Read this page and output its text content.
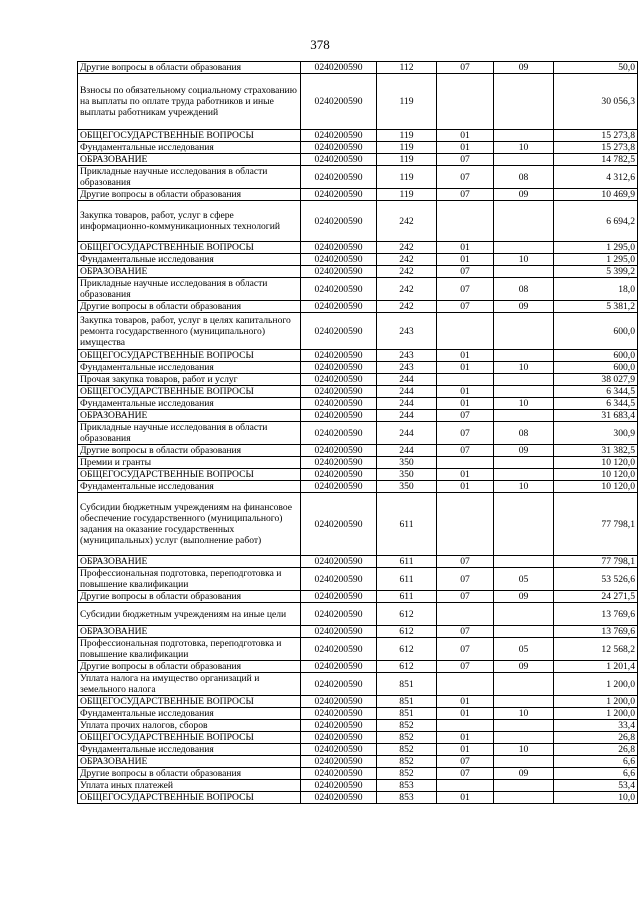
378
Другие вопросы в области образования	0240200590	112	07	09	50,0
Взносы по обязательному социальному страхованию на выплаты по оплате труда работников и иные выплаты работникам учреждений	0240200590	119			30 056,3
ОБЩЕГОСУДАРСТВЕННЫЕ ВОПРОСЫ	0240200590	119	01		15 273,8
Фундаментальные исследования	0240200590	119	01	10	15 273,8
ОБРАЗОВАНИЕ	0240200590	119	07		14 782,5
Прикладные научные исследования в области образования	0240200590	119	07	08	4 312,6
Другие вопросы в области образования	0240200590	119	07	09	10 469,9
Закупка товаров, работ, услуг в сфере информационно-коммуникационных технологий	0240200590	242			6 694,2
ОБЩЕГОСУДАРСТВЕННЫЕ ВОПРОСЫ	0240200590	242	01		1 295,0
Фундаментальные исследования	0240200590	242	01	10	1 295,0
ОБРАЗОВАНИЕ	0240200590	242	07		5 399,2
Прикладные научные исследования в области образования	0240200590	242	07	08	18,0
Другие вопросы в области образования	0240200590	242	07	09	5 381,2
Закупка товаров, работ, услуг в целях капитального ремонта государственного (муниципального) имущества	0240200590	243			600,0
ОБЩЕГОСУДАРСТВЕННЫЕ ВОПРОСЫ	0240200590	243	01		600,0
Фундаментальные исследования	0240200590	243	01	10	600,0
Прочая закупка товаров, работ и услуг	0240200590	244			38 027,9
ОБЩЕГОСУДАРСТВЕННЫЕ ВОПРОСЫ	0240200590	244	01		6 344,5
Фундаментальные исследования	0240200590	244	01	10	6 344,5
ОБРАЗОВАНИЕ	0240200590	244	07		31 683,4
Прикладные научные исследования в области образования	0240200590	244	07	08	300,9
Другие вопросы в области образования	0240200590	244	07	09	31 382,5
Премии и гранты	0240200590	350			10 120,0
ОБЩЕГОСУДАРСТВЕННЫЕ ВОПРОСЫ	0240200590	350	01		10 120,0
Фундаментальные исследования	0240200590	350	01	10	10 120,0
Субсидии бюджетным учреждениям на финансовое обеспечение государственного (муниципального) задания на оказание государственных (муниципальных) услуг (выполнение работ)	0240200590	611			77 798,1
ОБРАЗОВАНИЕ	0240200590	611	07		77 798,1
Профессиональная подготовка, переподготовка и повышение квалификации	0240200590	611	07	05	53 526,6
Другие вопросы в области образования	0240200590	611	07	09	24 271,5
Субсидии бюджетным учреждениям на иные цели	0240200590	612			13 769,6
ОБРАЗОВАНИЕ	0240200590	612	07		13 769,6
Профессиональная подготовка, переподготовка и повышение квалификации	0240200590	612	07	05	12 568,2
Другие вопросы в области образования	0240200590	612	07	09	1 201,4
Уплата налога на имущество организаций и земельного налога	0240200590	851			1 200,0
ОБЩЕГОСУДАРСТВЕННЫЕ ВОПРОСЫ	0240200590	851	01		1 200,0
Фундаментальные исследования	0240200590	851	01	10	1 200,0
Уплата прочих налогов, сборов	0240200590	852			33,4
ОБЩЕГОСУДАРСТВЕННЫЕ ВОПРОСЫ	0240200590	852	01		26,8
Фундаментальные исследования	0240200590	852	01	10	26,8
ОБРАЗОВАНИЕ	0240200590	852	07		6,6
Другие вопросы в области образования	0240200590	852	07	09	6,6
Уплата иных платежей	0240200590	853			53,4
ОБЩЕГОСУДАРСТВЕННЫЕ ВОПРОСЫ	0240200590	853	01		10,0
